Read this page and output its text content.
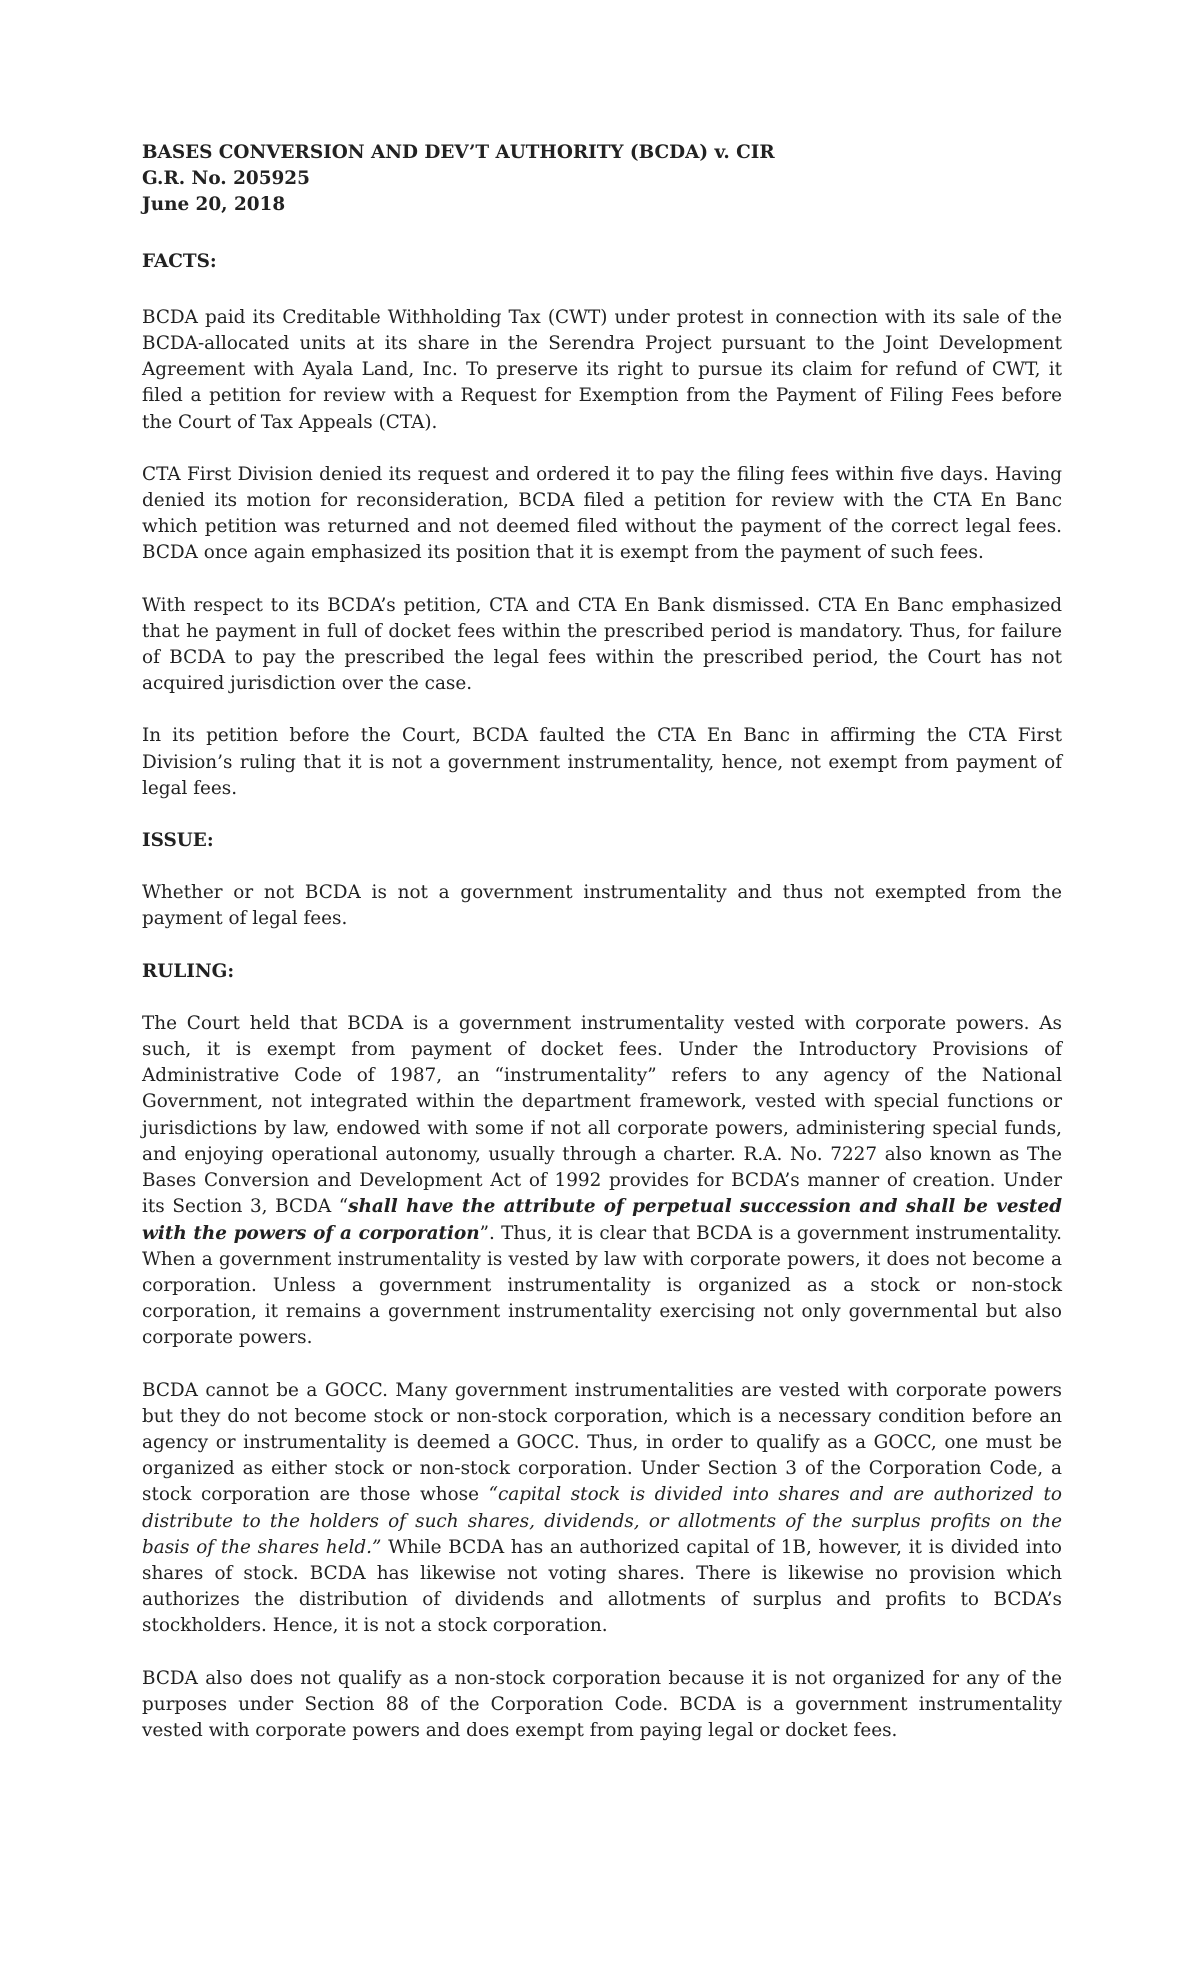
BASES CONVERSION AND DEV’T AUTHORITY (BCDA) v. CIR
G.R. No. 205925
June 20, 2018
FACTS:

BCDA paid its Creditable Withholding Tax (CWT) under protest in connection with its sale of the BCDA-allocated units at its share in the Serendra Project pursuant to the Joint Development Agreement with Ayala Land, Inc. To preserve its right to pursue its claim for refund of CWT, it filed a petition for review with a Request for Exemption from the Payment of Filing Fees before the Court of Tax Appeals (CTA).

CTA First Division denied its request and ordered it to pay the filing fees within five days. Having denied its motion for reconsideration, BCDA filed a petition for review with the CTA En Banc which petition was returned and not deemed filed without the payment of the correct legal fees. BCDA once again emphasized its position that it is exempt from the payment of such fees.

With respect to its BCDA’s petition, CTA and CTA En Bank dismissed. CTA En Banc emphasized that he payment in full of docket fees within the prescribed period is mandatory. Thus, for failure of BCDA to pay the prescribed the legal fees within the prescribed period, the Court has not acquired jurisdiction over the case.

In its petition before the Court, BCDA faulted the CTA En Banc in affirming the CTA First Division’s ruling that it is not a government instrumentality, hence, not exempt from payment of legal fees.

ISSUE:

Whether or not BCDA is not a government instrumentality and thus not exempted from the payment of legal fees.

RULING:

The Court held that BCDA is a government instrumentality vested with corporate powers. As such, it is exempt from payment of docket fees. Under the Introductory Provisions of Administrative Code of 1987, an “instrumentality” refers to any agency of the National Government, not integrated within the department framework, vested with special functions or jurisdictions by law, endowed with some if not all corporate powers, administering special funds, and enjoying operational autonomy, usually through a charter. R.A. No. 7227 also known as The Bases Conversion and Development Act of 1992 provides for BCDA’s manner of creation. Under its Section 3, BCDA “shall have the attribute of perpetual succession and shall be vested with the powers of a corporation”. Thus, it is clear that BCDA is a government instrumentality. When a government instrumentality is vested by law with corporate powers, it does not become a corporation. Unless a government instrumentality is organized as a stock or non-stock corporation, it remains a government instrumentality exercising not only governmental but also corporate powers.

BCDA cannot be a GOCC. Many government instrumentalities are vested with corporate powers but they do not become stock or non-stock corporation, which is a necessary condition before an agency or instrumentality is deemed a GOCC. Thus, in order to qualify as a GOCC, one must be organized as either stock or non-stock corporation. Under Section 3 of the Corporation Code, a stock corporation are those whose “capital stock is divided into shares and are authorized to distribute to the holders of such shares, dividends, or allotments of the surplus profits on the basis of the shares held.” While BCDA has an authorized capital of 1B, however, it is divided into shares of stock. BCDA has likewise not voting shares. There is likewise no provision which authorizes the distribution of dividends and allotments of surplus and profits to BCDA’s stockholders. Hence, it is not a stock corporation.

BCDA also does not qualify as a non-stock corporation because it is not organized for any of the purposes under Section 88 of the Corporation Code. BCDA is a government instrumentality vested with corporate powers and does exempt from paying legal or docket fees.
